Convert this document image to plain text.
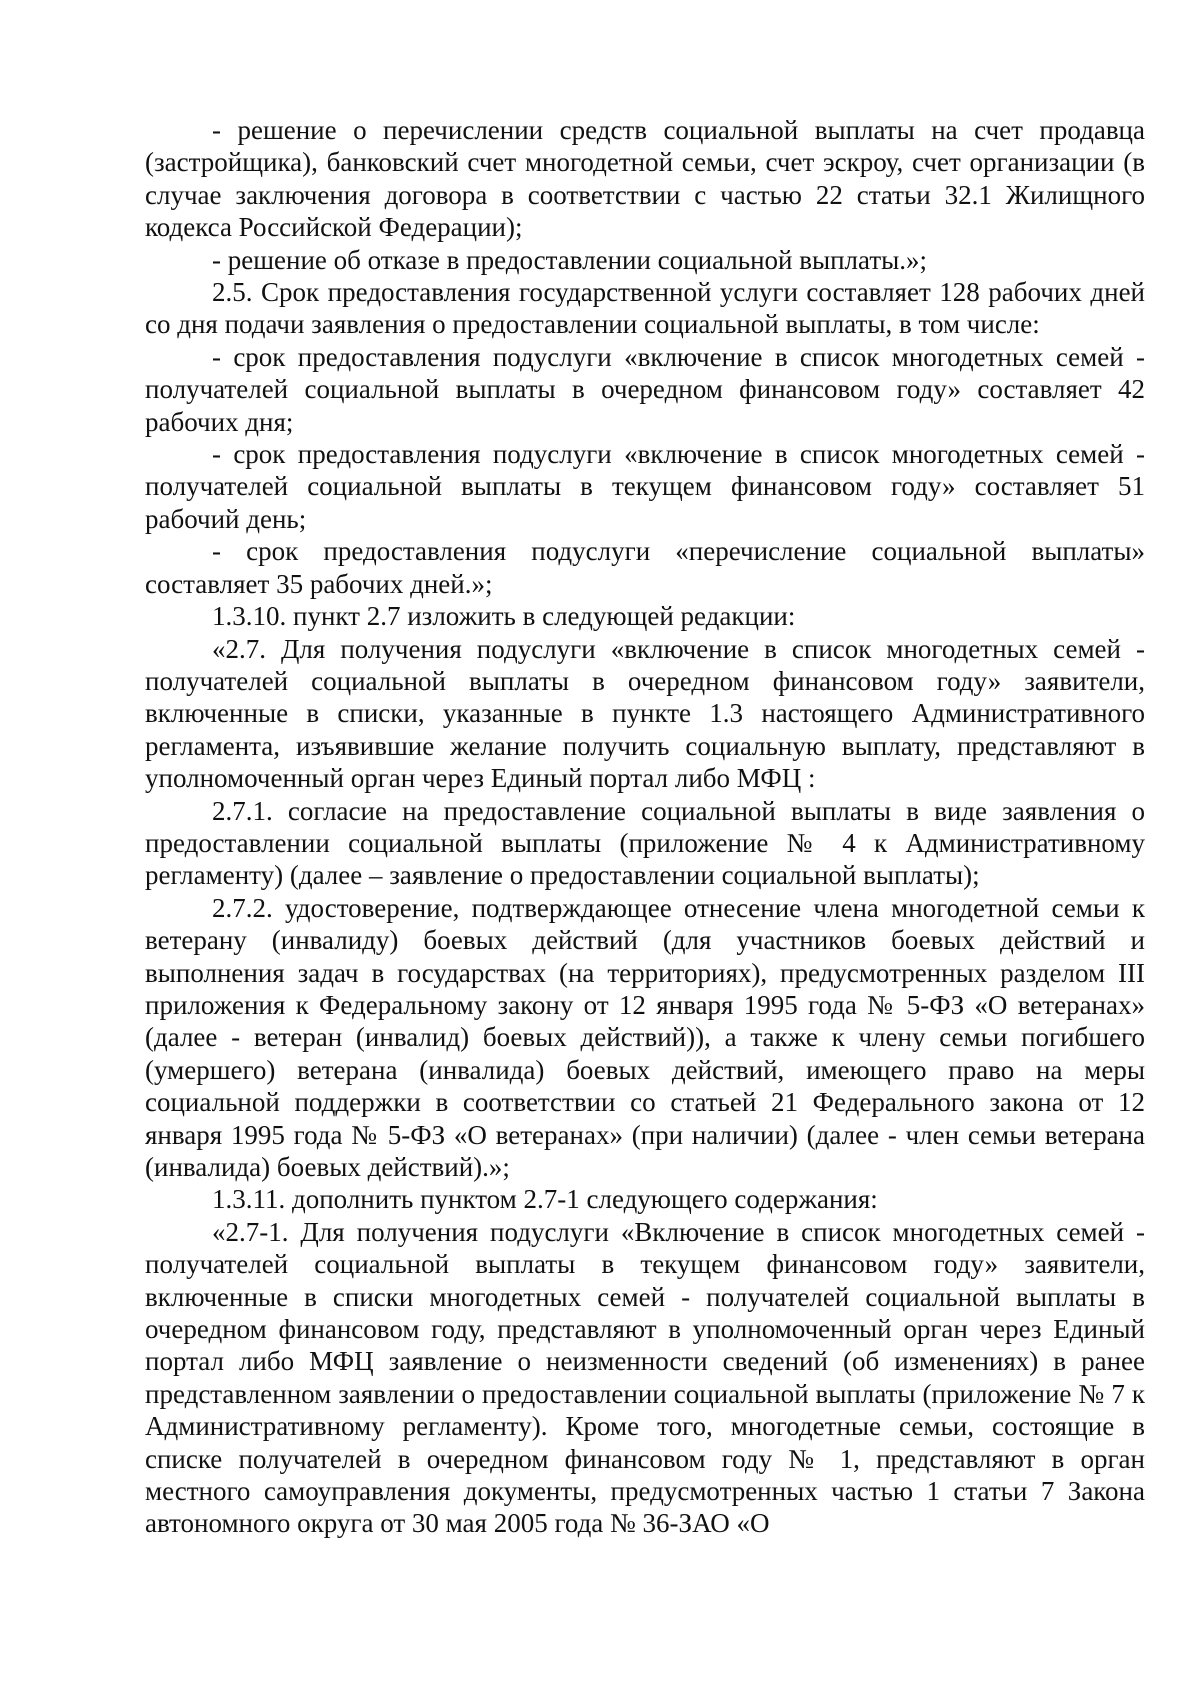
- решение о перечислении средств социальной выплаты на счет продавца (застройщика), банковский счет многодетной семьи, счет эскроу, счет организации (в случае заключения договора в соответствии с частью 22 статьи 32.1 Жилищного кодекса Российской Федерации);

- решение об отказе в предоставлении социальной выплаты.»;

2.5. Срок предоставления государственной услуги составляет 128 рабочих дней со дня подачи заявления о предоставлении социальной выплаты, в том числе:

- срок предоставления подуслуги «включение в список многодетных семей - получателей социальной выплаты в очередном финансовом году» составляет 42 рабочих дня;

- срок предоставления подуслуги «включение в список многодетных семей - получателей социальной выплаты в текущем финансовом году» составляет 51 рабочий день;

- срок предоставления подуслуги «перечисление социальной выплаты» составляет 35 рабочих дней.»;

1.3.10. пункт 2.7 изложить в следующей редакции:

«2.7. Для получения подуслуги «включение в список многодетных семей - получателей социальной выплаты в очередном финансовом году» заявители, включенные в списки, указанные в пункте 1.3 настоящего Административного регламента, изъявившие желание получить социальную выплату, представляют в уполномоченный орган через Единый портал либо МФЦ :

2.7.1. согласие на предоставление социальной выплаты в виде заявления о предоставлении социальной выплаты (приложение № 4 к Административному регламенту) (далее – заявление о предоставлении социальной выплаты);

2.7.2. удостоверение, подтверждающее отнесение члена многодетной семьи к ветерану (инвалиду) боевых действий (для участников боевых действий и выполнения задач в государствах (на территориях), предусмотренных разделом III приложения к Федеральному закону от 12 января 1995 года № 5-ФЗ «О ветеранах» (далее - ветеран (инвалид) боевых действий)), а также к члену семьи погибшего (умершего) ветерана (инвалида) боевых действий, имеющего право на меры социальной поддержки в соответствии со статьей 21 Федерального закона от 12 января 1995 года № 5-ФЗ «О ветеранах» (при наличии) (далее - член семьи ветерана (инвалида) боевых действий).»;

1.3.11. дополнить пунктом 2.7-1 следующего содержания:

«2.7-1. Для получения подуслуги «Включение в список многодетных семей - получателей социальной выплаты в текущем финансовом году» заявители, включенные в списки многодетных семей - получателей социальной выплаты в очередном финансовом году, представляют в уполномоченный орган через Единый портал либо МФЦ заявление о неизменности сведений (об изменениях) в ранее представленном заявлении о предоставлении социальной выплаты (приложение № 7 к Административному регламенту). Кроме того, многодетные семьи, состоящие в списке получателей в очередном финансовом году № 1, представляют в орган местного самоуправления документы, предусмотренных частью 1 статьи 7 Закона автономного округа от 30 мая 2005 года № 36-ЗАО «О
